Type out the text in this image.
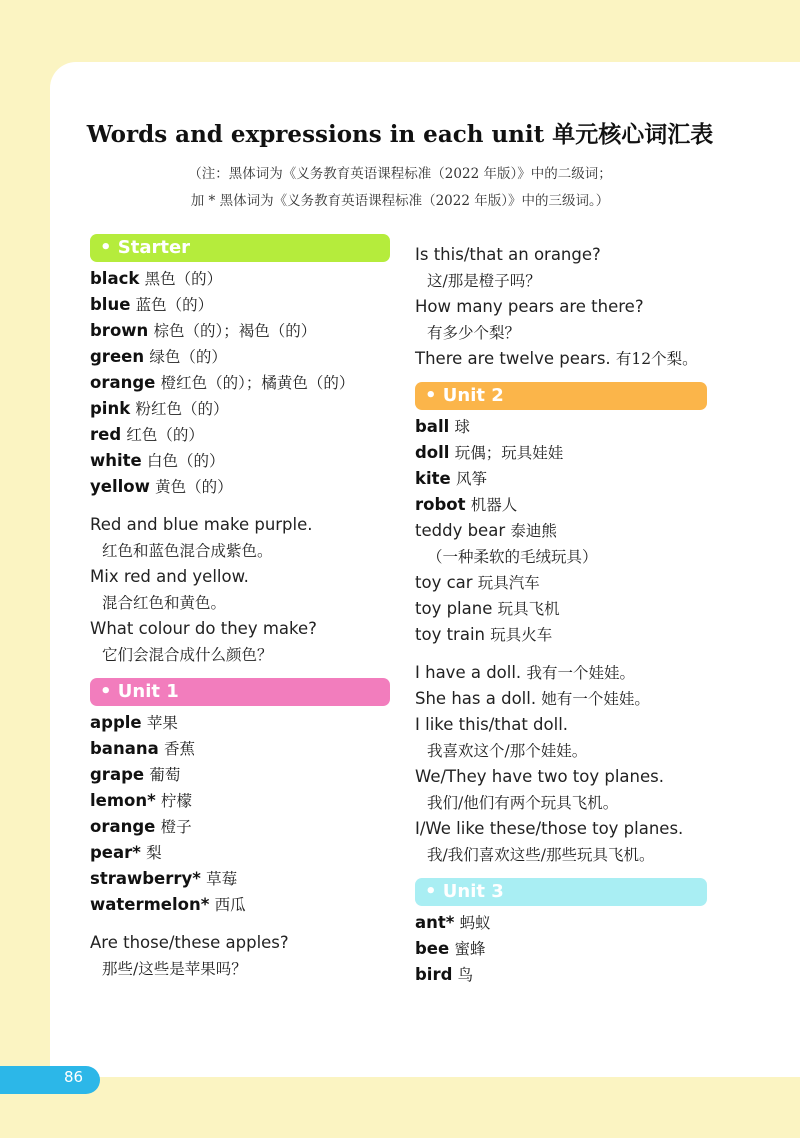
Words and expressions in each unit 单元核心词汇表
（注：黑体词为《义务教育英语课程标准（2022 年版）》中的二级词；
加 * 黑体词为《义务教育英语课程标准（2022 年版）》中的三级词。）
• Starter
black 黑色（的）
blue 蓝色（的）
brown 棕色（的）；褐色（的）
green 绿色（的）
orange 橙红色（的）；橘黄色（的）
pink 粉红色（的）
red 红色（的）
white 白色（的）
yellow 黄色（的）
Red and blue make purple.
红色和蓝色混合成紫色。
Mix red and yellow.
混合红色和黄色。
What colour do they make?
它们会混合成什么颜色？
• Unit 1
apple 苹果
banana 香蕉
grape 葡萄
lemon* 柠檬
orange 橙子
pear* 梨
strawberry* 草莓
watermelon* 西瓜
Are those/these apples?
那些/这些是苹果吗？
Is this/that an orange?
这/那是橙子吗？
How many pears are there?
有多少个梨？
There are twelve pears. 有12个梨。
• Unit 2
ball 球
doll 玩偶；玩具娃娃
kite 风筝
robot 机器人
teddy bear 泰迪熊
（一种柔软的毛绒玩具）
toy car 玩具汽车
toy plane 玩具飞机
toy train 玩具火车
I have a doll. 我有一个娃娃。
She has a doll. 她有一个娃娃。
I like this/that doll.
我喜欢这个/那个娃娃。
We/They have two toy planes.
我们/他们有两个玩具飞机。
I/We like these/those toy planes.
我/我们喜欢这些/那些玩具飞机。
• Unit 3
ant* 蚂蚁
bee 蜜蜂
bird 鸟
86
